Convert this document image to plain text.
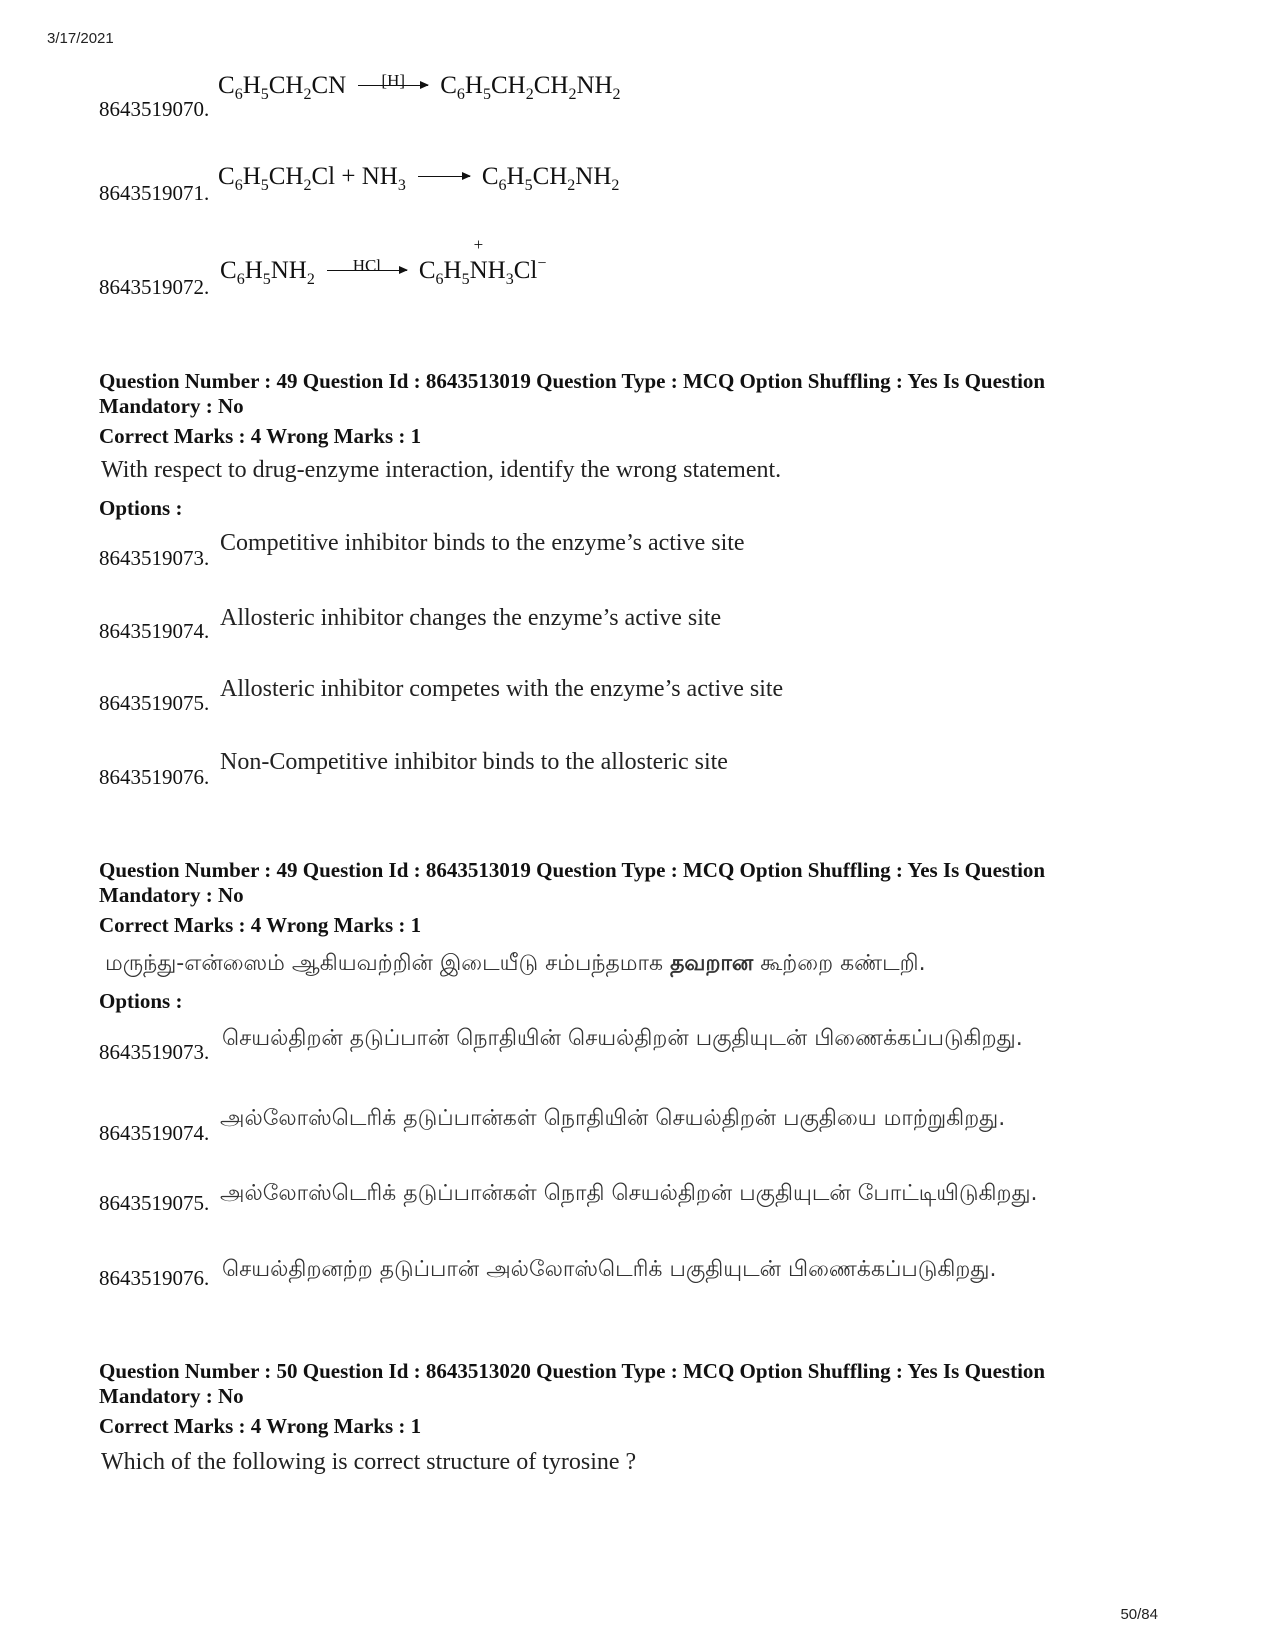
3/17/2021
8643519070.
$C_6H_5CH_2CN$	[H]	$C_6H_5CH_2CH_2NH_2$
8643519071.
$C_6H_5CH_2Cl + NH_3 \to C_6H_5CH_2NH_2$
8643519072.
$C_6H_5NH_2$
HCl	$C_6H_5$
+
$NH_3Cl^-$
Question Number : 49 Question Id : 8643513019 Question Type : MCQ Option Shuffling : Yes Is Question Mandatory : No
Correct Marks : 4 Wrong Marks : 1
With respect to drug-enzyme interaction, identify the wrong statement.
Options :
8643519073.
Competitive inhibitor binds to the enzyme’s active site
8643519074. Allosteric inhibitor changes the enzyme’s active site
8643519075.
Allosteric inhibitor competes with the enzyme’s active site
8643519076.
Non-Competitive inhibitor binds to the allosteric site
Question Number : 49 Question Id : 8643513019 Question Type : MCQ Option Shuffling : Yes Is Question Mandatory : No
Correct Marks : 4 Wrong Marks : 1
மருந்து-என்ஸைம் ஆகியவற்றின் இடையீடு சம்பந்தமாக தவறான கூற்றை கண்டறி.
Options :
8643519073.
செயல்திறன் தடுப்பான் நொதியின் செயல்திறன் பகுதியுடன் பிணைக்கப்படுகிறது.
8643519074.
அல்லோஸ்டெரிக் தடுப்பான்கள் நொதியின் செயல்திறன் பகுதியை மாற்றுகிறது.
8643519075. அல்லோஸ்டெரிக் தடுப்பான்கள் நொதி செயல்திறன் பகுதியுடன் போட்டியிடுகிறது.
8643519076. செயல்திறனற்ற தடுப்பான் அல்லோஸ்டெரிக் பகுதியுடன் பிணைக்கப்படுகிறது.
Question Number : 50 Question Id : 8643513020 Question Type : MCQ Option Shuffling : Yes Is Question Mandatory : No
Correct Marks : 4 Wrong Marks : 1
Which of the following is correct structure of tyrosine ?
50/84
